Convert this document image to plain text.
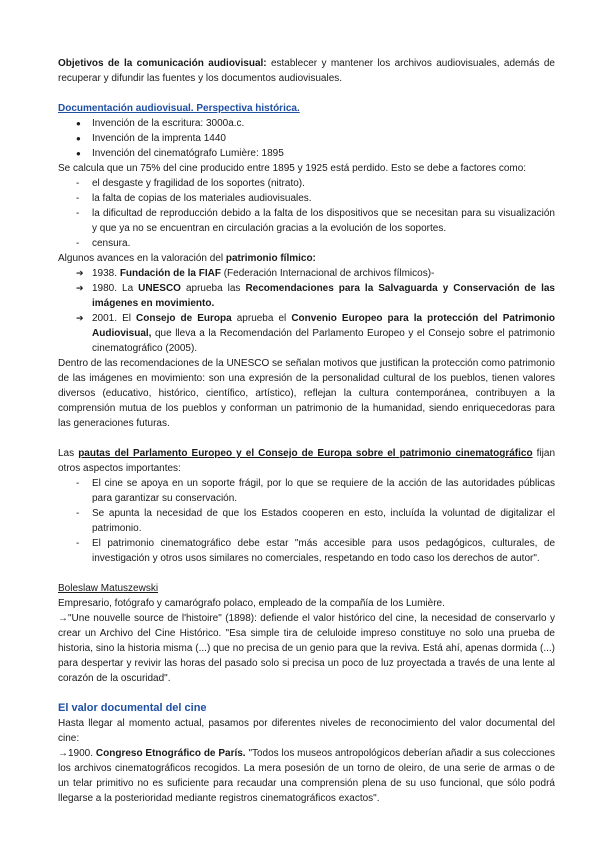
Objetivos de la comunicación audiovisual: establecer y mantener los archivos audiovisuales, además de recuperar y difundir las fuentes y los documentos audiovisuales.

Documentación audiovisual. Perspectiva histórica.

● Invención de la escritura: 3000a.c.
● Invención de la imprenta 1440
● Invención del cinematógrafo Lumière: 1895

Se calcula que un 75% del cine producido entre 1895 y 1925 está perdido. Esto se debe a factores como:

- el desgaste y fragilidad de los soportes (nitrato).
- la falta de copias de los materiales audiovisuales.
- la dificultad de reproducción debido a la falta de los dispositivos que se necesitan para su visualización y que ya no se encuentran en circulación gracias a la evolución de los soportes.
- censura.

Algunos avances en la valoración del patrimonio fílmico:

➔ 1938. Fundación de la FIAF (Federación Internacional de archivos fílmicos)-
➔ 1980. La UNESCO aprueba las Recomendaciones para la Salvaguarda y Conservación de las imágenes en movimiento.
➔ 2001. El Consejo de Europa aprueba el Convenio Europeo para la protección del Patrimonio Audiovisual, que lleva a la Recomendación del Parlamento Europeo y el Consejo sobre el patrimonio cinematográfico (2005).

Dentro de las recomendaciones de la UNESCO se señalan motivos que justifican la protección como patrimonio de las imágenes en movimiento: son una expresión de la personalidad cultural de los pueblos, tienen valores diversos (educativo, histórico, científico, artístico), reflejan la cultura contemporánea, contribuyen a la comprensión mutua de los pueblos y conforman un patrimonio de la humanidad, siendo enriquecedoras para las generaciones futuras.

Las pautas del Parlamento Europeo y el Consejo de Europa sobre el patrimonio cinematográfico fijan otros aspectos importantes:

- El cine se apoya en un soporte frágil, por lo que se requiere de la acción de las autoridades públicas para garantizar su conservación.
- Se apunta la necesidad de que los Estados cooperen en esto, incluída la voluntad de digitalizar el patrimonio.
- El patrimonio cinematográfico debe estar "más accesible para usos pedagógicos, culturales, de investigación y otros usos similares no comerciales, respetando en todo caso los derechos de autor".

Boleslaw Matuszewski

Empresario, fotógrafo y camarógrafo polaco, empleado de la compañía de los Lumière.

→"Une nouvelle source de l'histoire" (1898): defiende el valor histórico del cine, la necesidad de conservarlo y crear un Archivo del Cine Histórico. "Esa simple tira de celuloide impreso constituye no solo una prueba de historia, sino la historia misma (...) que no precisa de un genio para que la reviva. Está ahí, apenas dormida (...) para despertar y revivir las horas del pasado solo si precisa un poco de luz proyectada a través de una lente al corazón de la oscuridad".

El valor documental del cine

Hasta llegar al momento actual, pasamos por diferentes niveles de reconocimiento del valor documental del cine:

→1900. Congreso Etnográfico de París. "Todos los museos antropológicos deberían añadir a sus colecciones los archivos cinematográficos recogidos. La mera posesión de un torno de oleiro, de una serie de armas o de un telar primitivo no es suficiente para recaudar una comprensión plena de su uso funcional, que sólo podrá llegarse a la posterioridad mediante registros cinematográficos exactos".
